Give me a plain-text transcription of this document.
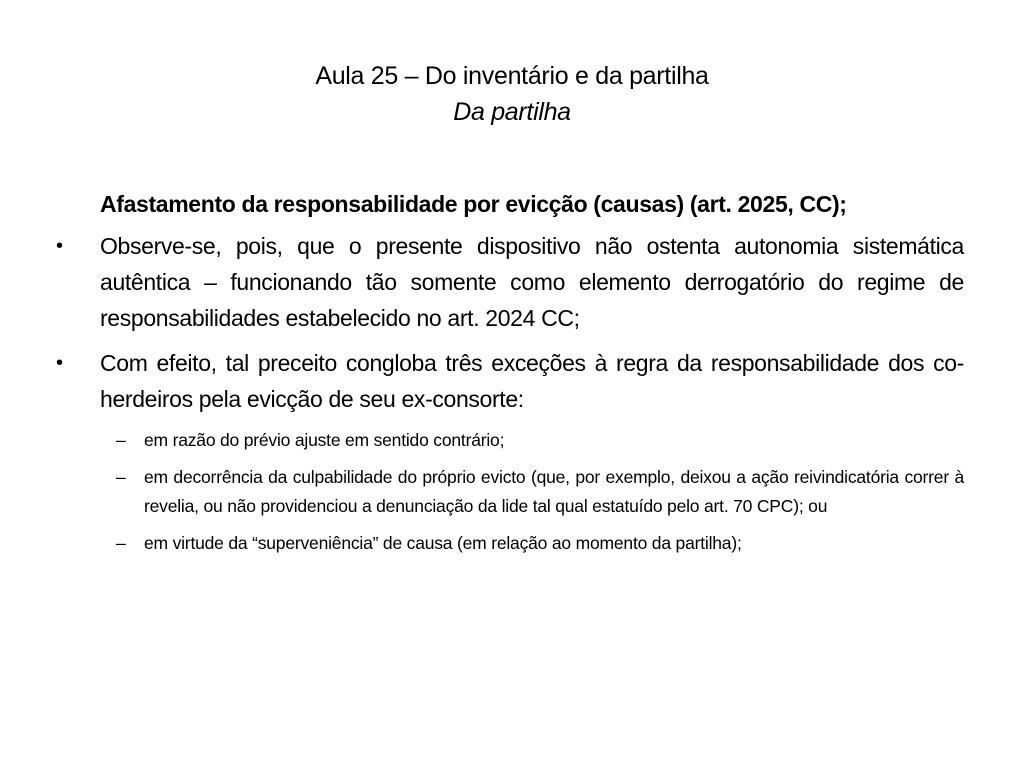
Aula 25 – Do inventário e da partilha
Da partilha
Afastamento da responsabilidade por evicção (causas) (art. 2025, CC);
•	Observe-se, pois, que o presente dispositivo não ostenta autonomia sistemática autêntica – funcionando tão somente como elemento derrogatório do regime de responsabilidades estabelecido no art. 2024 CC;
•	Com efeito, tal preceito congloba três exceções à regra da responsabilidade dos co-herdeiros pela evicção de seu ex-consorte:
– em razão do prévio ajuste em sentido contrário;
– em decorrência da culpabilidade do próprio evicto (que, por exemplo, deixou a ação reivindicatória correr à revelia, ou não providenciou a denunciação da lide tal qual estatuído pelo art. 70 CPC); ou
– em virtude da “superveniência” de causa (em relação ao momento da partilha);
